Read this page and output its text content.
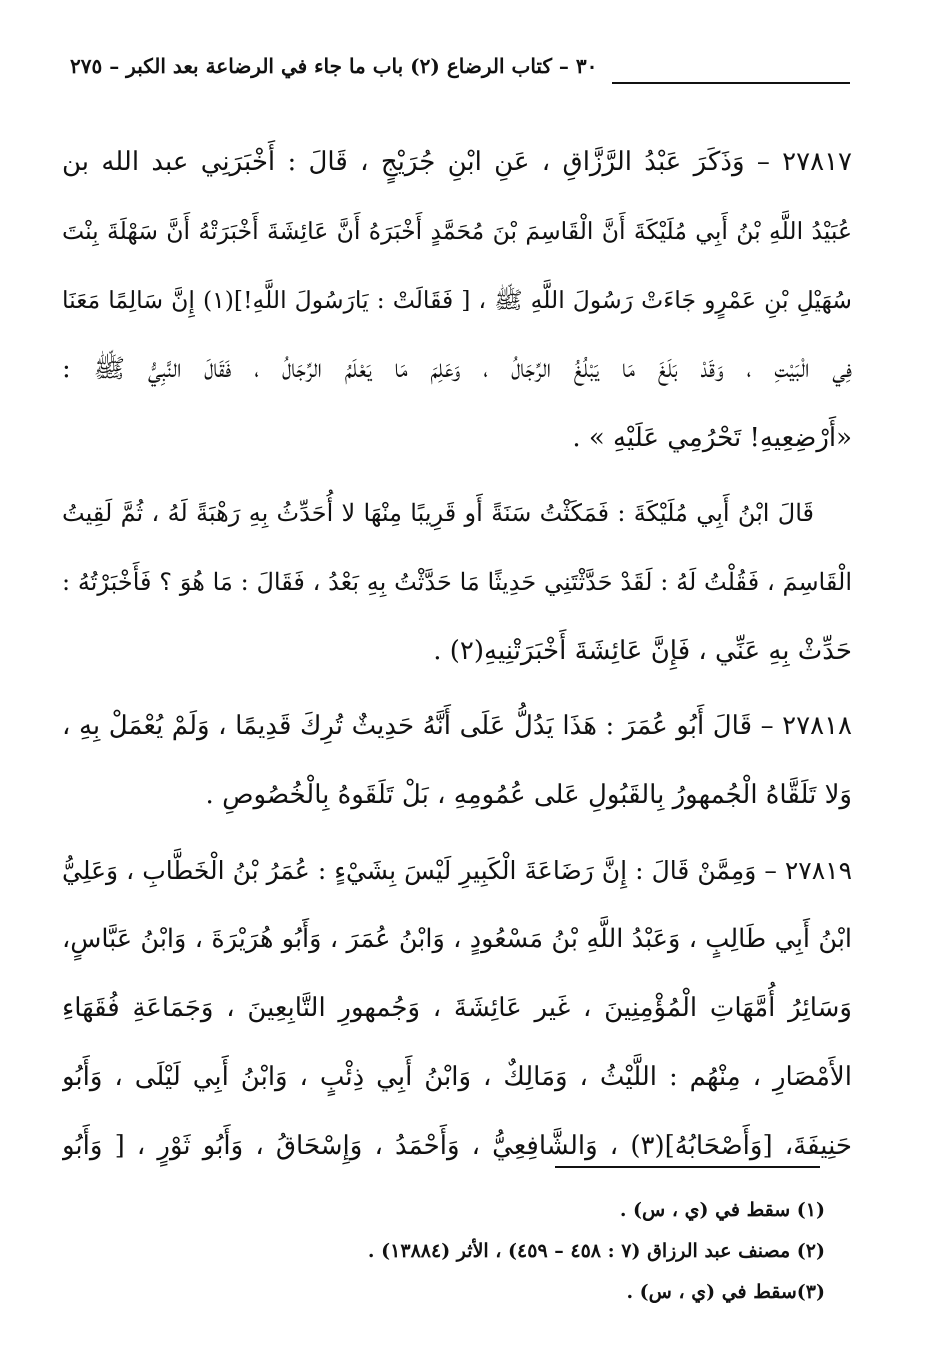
٣٠ – كتاب الرضاع (٢) باب ما جاء في الرضاعة بعد الكبر – ٢٧٥
٢٧٨١٧ – وَذَكَرَ عَبْدُ الرَّزَّاقِ ، عَنِ ابْنِ جُرَيْجٍ ، قَالَ : أَخْبَرَنِي عبد الله بن
عُبَيْدُ اللَّهِ بْنُ أَبِي مُلَيْكَةَ أَنَّ الْقَاسِمَ بْنَ مُحَمَّدٍ أَخْبَرَهُ أَنَّ عَائِشَةَ أَخْبَرَتْهُ أَنَّ سَهْلَةَ بِنْتَ
سُهَيْلِ بْنِ عَمْرٍو جَاءَتْ رَسُولَ اللَّهِ ﷺ ، [ فَقَالَتْ : يَارَسُولَ اللَّهِ!](١) إِنَّ سَالِمًا مَعَنَا
فِي الْبَيْتِ ، وَقَدْ بَلَغَ مَا يَبْلُغُ الرِّجَالُ ، وَعَلِمَ مَا يَعْلَمُ الرِّجَالُ ، فَقَالَ النَّبِيُّ ﷺ :
«أَرْضِعِيهِ! تَحْرُمِي عَلَيْهِ » .
قَالَ ابْنُ أَبِي مُلَيْكَةَ : فَمَكَثْتُ سَنَةً أَو قَرِيبًا مِنْهَا لا أُحَدِّثُ بِهِ رَهْبَةً لَهُ ، ثُمَّ لَقِيتُ
الْقَاسِمَ ، فَقُلْتُ لَهُ : لَقَدْ حَدَّثْتَنِي حَدِيثًا مَا حَدَّثْتُ بِهِ بَعْدُ ، فَقَالَ : مَا هُوَ ؟ فَأَخْبَرْتُهُ :
حَدِّثْ بِهِ عَنِّي ، فَإِنَّ عَائِشَةَ أَخْبَرَتْنِيهِ(٢) .
٢٧٨١٨ – قَالَ أَبُو عُمَرَ : هَذَا يَدُلُّ عَلَى أَنَّهُ حَدِيثٌ تُرِكَ قَدِيمًا ، وَلَمْ يُعْمَلْ بِهِ ،
وَلا تَلَقَّاهُ الْجُمهورُ بِالقَبُولِ عَلى عُمُومِهِ ، بَلْ تَلَقَوهُ بِالْخُصُوصِ .
٢٧٨١٩ – وَمِمَّنْ قَالَ : إِنَّ رَضَاعَةَ الْكَبِيرِ لَيْسَ بِشَيْءٍ : عُمَرُ بْنُ الْخَطَّابِ ، وَعَلِيُّ
ابْنُ أَبِي طَالِبٍ ، وَعَبْدُ اللَّهِ بْنُ مَسْعُودٍ ، وَابْنُ عُمَرَ ، وَأَبُو هُرَيْرَةَ ، وَابْنُ عَبَّاسٍ،
وَسَائِرُ أُمَّهَاتِ الْمُؤْمِنِينَ ، غَير عَائِشَةَ ، وَجُمهورِ التَّابِعِينَ ، وَجَمَاعَةِ فُقَهَاءِ
الأَمْصَارِ ، مِنْهُم : اللَّيْثُ ، وَمَالِكٌ ، وَابْنُ أَبِي ذِئْبٍ ، وَابْنُ أَبِي لَيْلَى ، وَأَبُو
حَنِيفَةَ، [وَأَصْحَابُهُ](٣) ، وَالشَّافِعِيُّ ، وَأَحْمَدُ ، وَإِسْحَاقُ ، وَأَبُو ثَوْرٍ ، [ وَأَبُو
(١) سقط في (ي ، س) .
(٢) مصنف عبد الرزاق (٧ : ٤٥٨ – ٤٥٩) ، الأثر (١٣٨٨٤) .
(٣)سقط في (ي ، س) .
